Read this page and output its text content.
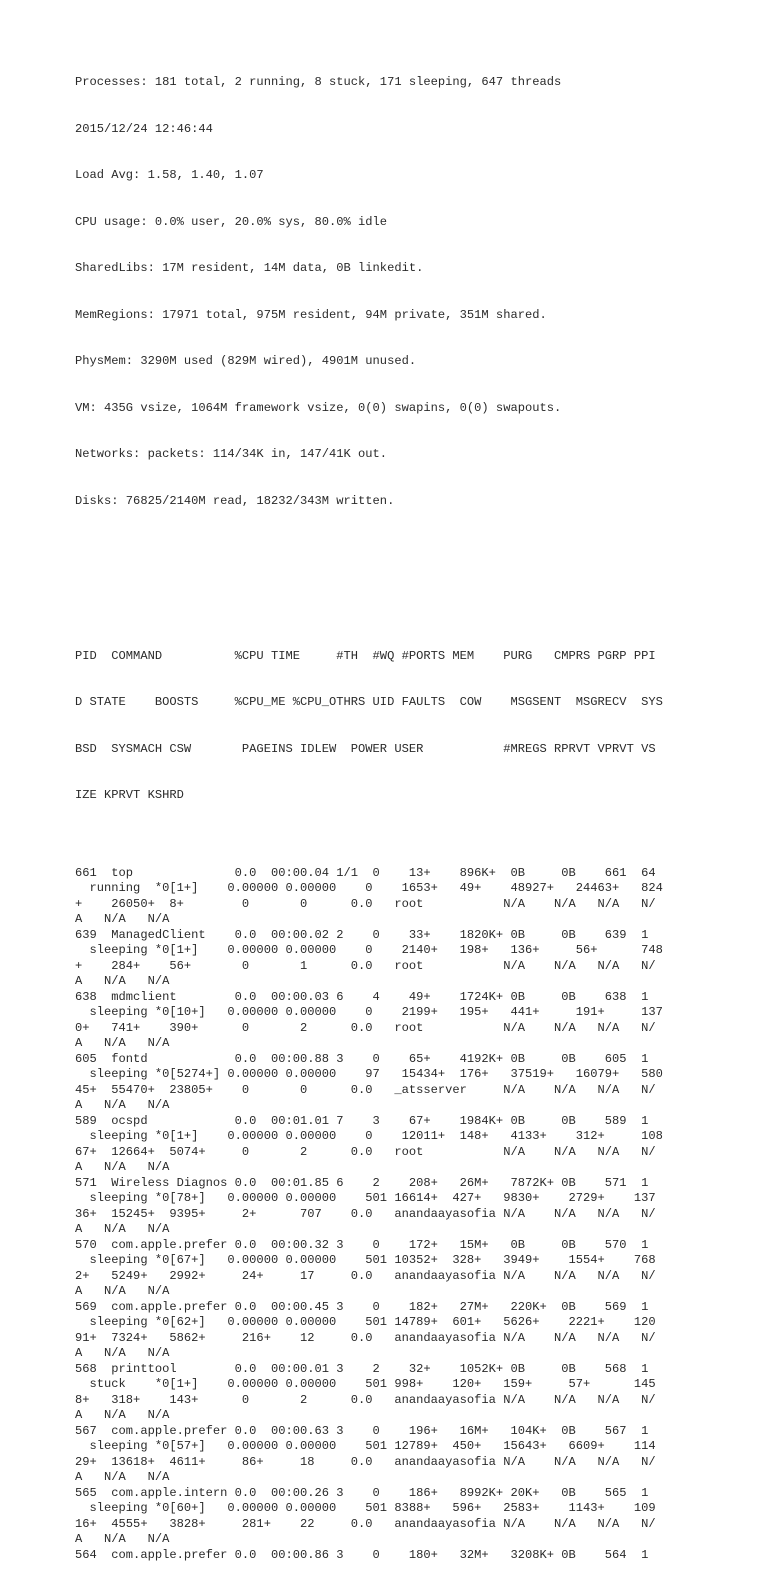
Processes: 181 total, 2 running, 8 stuck, 171 sleeping, 647 threads

2015/12/24 12:46:44

Load Avg: 1.58, 1.40, 1.07

CPU usage: 0.0% user, 20.0% sys, 80.0% idle

SharedLibs: 17M resident, 14M data, 0B linkedit.

MemRegions: 17971 total, 975M resident, 94M private, 351M shared.

PhysMem: 3290M used (829M wired), 4901M unused.

VM: 435G vsize, 1064M framework vsize, 0(0) swapins, 0(0) swapouts.

Networks: packets: 114/34K in, 147/41K out.

Disks: 76825/2140M read, 18232/343M written.

PID  COMMAND          %CPU TIME     #TH  #WQ #PORTS MEM    PURG   CMPRS PGRP PPI

D STATE    BOOSTS     %CPU_ME %CPU_OTHRS UID FAULTS  COW    MSGSENT  MSGRECV  SYS

BSD  SYSMACH CSW       PAGEINS IDLEW  POWER USER           #MREGS RPRVT VPRVT VS

IZE KPRVT KSHRD

661  top              0.0  00:00.04 1/1  0    13+    896K+  0B     0B    661  64
running  *0[1+]    0.00000 0.00000    0    1653+   49+    48927+   24463+   824
+    26050+  8+        0       0      0.0   root           N/A    N/A   N/A   N/
A   N/A   N/A
639  ManagedClient    0.0  00:00.02 2    0    33+    1820K+ 0B     0B    639  1
sleeping *0[1+]    0.00000 0.00000    0    2140+   198+   136+     56+      748
+    284+    56+       0       1      0.0   root           N/A    N/A   N/A   N/
A   N/A   N/A
638  mdmclient        0.0  00:00.03 6    4    49+    1724K+ 0B     0B    638  1
sleeping *0[10+]   0.00000 0.00000    0    2199+   195+   441+     191+     137
0+   741+    390+      0       2      0.0   root           N/A    N/A   N/A   N/
A   N/A   N/A
605  fontd            0.0  00:00.88 3    0    65+    4192K+ 0B     0B    605  1
sleeping *0[5274+] 0.00000 0.00000    97   15434+  176+   37519+   16079+   580
45+  55470+  23805+    0       0      0.0   _atsserver     N/A    N/A   N/A   N/
A   N/A   N/A
589  ocspd            0.0  00:01.01 7    3    67+    1984K+ 0B     0B    589  1
sleeping *0[1+]    0.00000 0.00000    0    12011+  148+   4133+    312+     108
67+  12664+  5074+     0       2      0.0   root           N/A    N/A   N/A   N/
A   N/A   N/A
571  Wireless Diagnos 0.0  00:01.85 6    2    208+   26M+   7872K+ 0B    571  1
sleeping *0[78+]   0.00000 0.00000    501 16614+  427+   9830+    2729+    137
36+  15245+  9395+     2+      707    0.0   anandaayasofia N/A    N/A   N/A   N/
A   N/A   N/A
570  com.apple.prefer 0.0  00:00.32 3    0    172+   15M+   0B     0B    570  1
sleeping *0[67+]   0.00000 0.00000    501 10352+  328+   3949+    1554+    768
2+   5249+   2992+     24+     17     0.0   anandaayasofia N/A    N/A   N/A   N/
A   N/A   N/A
569  com.apple.prefer 0.0  00:00.45 3    0    182+   27M+   220K+  0B    569  1
sleeping *0[62+]   0.00000 0.00000    501 14789+  601+   5626+    2221+    120
91+  7324+   5862+     216+    12     0.0   anandaayasofia N/A    N/A   N/A   N/
A   N/A   N/A
568  printtool        0.0  00:00.01 3    2    32+    1052K+ 0B     0B    568  1
stuck    *0[1+]    0.00000 0.00000    501 998+    120+   159+     57+      145
8+   318+    143+      0       2      0.0   anandaayasofia N/A    N/A   N/A   N/
A   N/A   N/A
567  com.apple.prefer 0.0  00:00.63 3    0    196+   16M+   104K+  0B    567  1
sleeping *0[57+]   0.00000 0.00000    501 12789+  450+   15643+   6609+    114
29+  13618+  4611+     86+     18     0.0   anandaayasofia N/A    N/A   N/A   N/
A   N/A   N/A
565  com.apple.intern 0.0  00:00.26 3    0    186+   8992K+ 20K+   0B    565  1
sleeping *0[60+]   0.00000 0.00000    501 8388+   596+   2583+    1143+    109
16+  4555+   3828+     281+    22     0.0   anandaayasofia N/A    N/A   N/A   N/
A   N/A   N/A
564  com.apple.prefer 0.0  00:00.86 3    0    180+   32M+   3208K+ 0B    564  1
